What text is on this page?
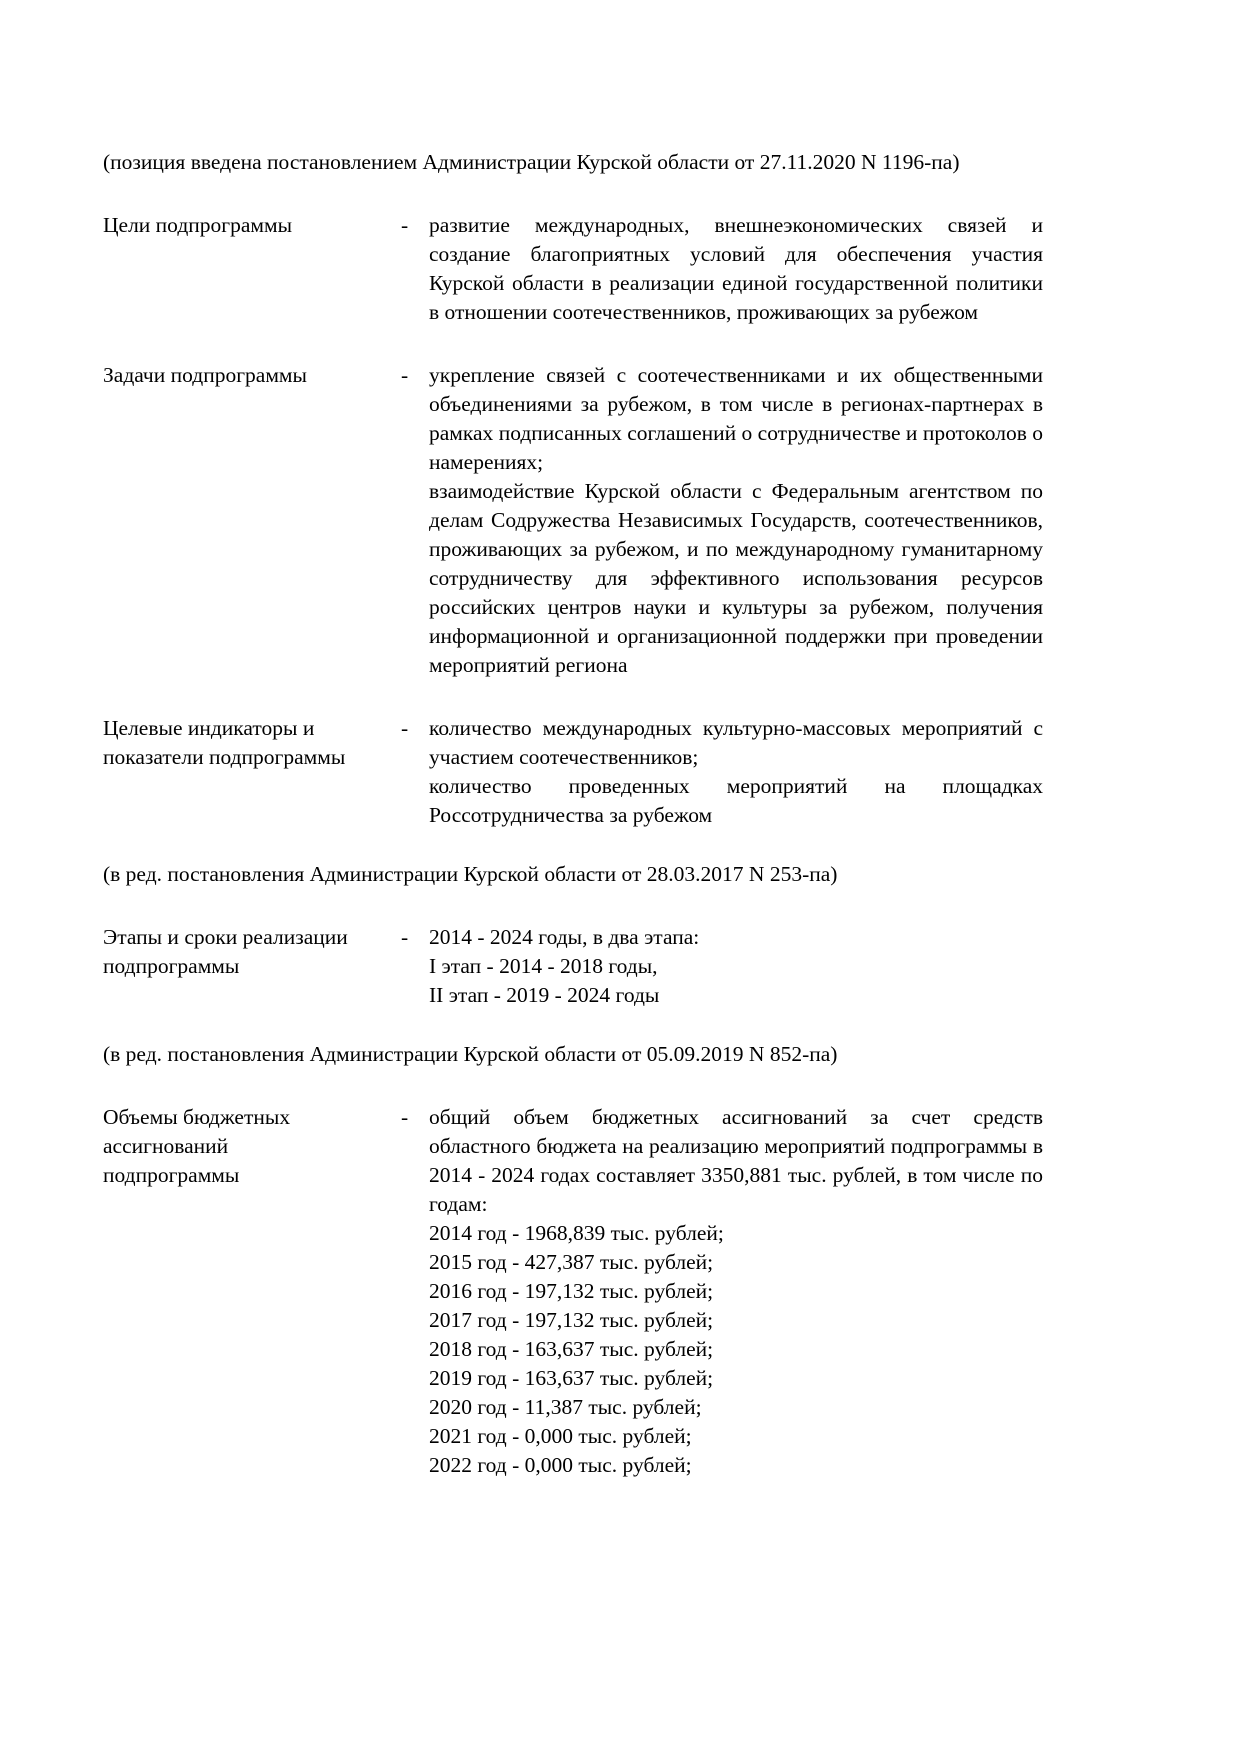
(позиция введена постановлением Администрации Курской области от 27.11.2020 N 1196-па)

Цели подпрограммы	- развитие международных, внешнеэкономических связей и создание благоприятных условий для обеспечения участия Курской области в реализации единой государственной политики в отношении соотечественников, проживающих за рубежом

Задачи подпрограммы	- укрепление связей с соотечественниками и их общественными объединениями за рубежом, в том числе в регионах-партнерах в рамках подписанных соглашений о сотрудничестве и протоколов о намерениях;

взаимодействие Курской области с Федеральным агентством по делам Содружества Независимых Государств, соотечественников, проживающих за рубежом, и по международному гуманитарному сотрудничеству для эффективного использования ресурсов российских центров науки и культуры за рубежом, получения информационной и организационной поддержки при проведении мероприятий региона

Целевые индикаторы и
показатели подпрограммы
- количество международных культурно-массовых мероприятий с участием соотечественников;

количество проведенных мероприятий на площадках Россотрудничества за рубежом

(в ред. постановления Администрации Курской области от 28.03.2017 N 253-па)

Этапы и сроки реализации
подпрограммы
- 2014 - 2024 годы, в два этапа:

I этап - 2014 - 2018 годы,

II этап - 2019 - 2024 годы

(в ред. постановления Администрации Курской области от 05.09.2019 N 852-па)

Объемы бюджетных
ассигнований
подпрограммы
- общий объем бюджетных ассигнований за счет средств областного бюджета на реализацию мероприятий подпрограммы в 2014 - 2024 годах составляет 3350,881 тыс. рублей, в том числе по годам:

2014 год - 1968,839 тыс. рублей;

2015 год - 427,387 тыс. рублей;

2016 год - 197,132 тыс. рублей;

2017 год - 197,132 тыс. рублей;

2018 год - 163,637 тыс. рублей;

2019 год - 163,637 тыс. рублей;

2020 год - 11,387 тыс. рублей;

2021 год - 0,000 тыс. рублей;

2022 год - 0,000 тыс. рублей;
